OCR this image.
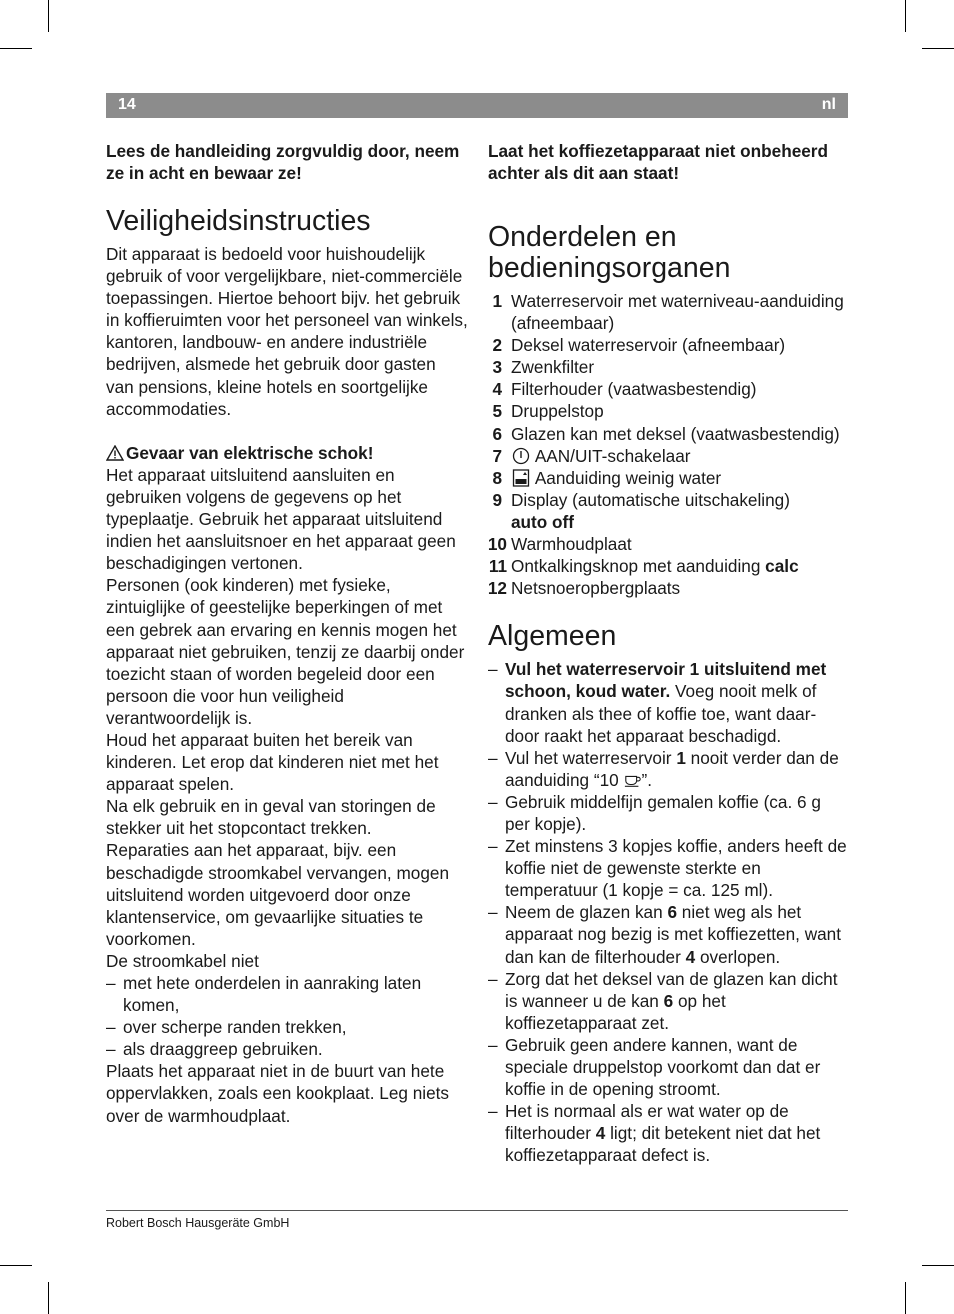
14	nl

Lees de handleiding zorgvuldig door, neem ze in acht en bewaar ze!

Veiligheidsinstructies

Dit apparaat is bedoeld voor huishoudelijk gebruik of voor vergelijkbare, niet-commerciële toepassingen. Hiertoe behoort bijv. het gebruik in koffieruimten voor het personeel van winkels, kantoren, landbouw- en andere industriële bedrijven, alsmede het gebruik door gasten van pensions, kleine hotels en soortgelijke accommodaties.

Gevaar van elektrische schok!

Het apparaat uitsluitend aansluiten en gebruiken volgens de gegevens op het typeplaatje. Gebruik het apparaat uitsluitend indien het aansluitsnoer en het apparaat geen beschadigingen vertonen.

Personen (ook kinderen) met fysieke, zintuiglijke of geestelijke beperkingen of met een gebrek aan ervaring en kennis mogen het apparaat niet gebruiken, tenzij ze daarbij onder toezicht staan of worden begeleid door een persoon die voor hun veiligheid verantwoordelijk is.

Houd het apparaat buiten het bereik van kinderen. Let erop dat kinderen niet met het apparaat spelen.

Na elk gebruik en in geval van storingen de stekker uit het stopcontact trekken.

Reparaties aan het apparaat, bijv. een beschadigde stroomkabel vervangen, mogen uitsluitend worden uitgevoerd door onze klantenservice, om gevaarlijke situaties te voorkomen.

De stroomkabel niet

– met hete onderdelen in aanraking laten komen,
– over scherpe randen trekken,
– als draaggreep gebruiken.

Plaats het apparaat niet in de buurt van hete oppervlakken, zoals een kookplaat. Leg niets over de warmhoudplaat.

Laat het koffiezetapparaat niet onbeheerd achter als dit aan staat!

Onderdelen en bedieningsorganen
1 Waterreservoir met waterniveau-aanduiding (afneembaar)
2 Deksel waterreservoir (afneembaar)
3 Zwenkfilter
4 Filterhouder (vaatwasbestendig)
5 Druppelstop
6 Glazen kan met deksel (vaatwasbestendig)
7 AAN/UIT-schakelaar
8 Aanduiding weinig water
9 Display (automatische uitschakeling)
auto off
10 Warmhoudplaat
11 Ontkalkingsknop met aanduiding calc
12 Netsnoeropbergplaats
Algemeen
– Vul het waterreservoir 1 uitsluitend met schoon, koud water. Voeg nooit melk of dranken als thee of koffie toe, want daar-door raakt het apparaat beschadigd.
– Vul het waterreservoir 1 nooit verder dan de aanduiding “10 ”.
– Gebruik middelfijn gemalen koffie (ca. 6 g per kopje).
– Zet minstens 3 kopjes koffie, anders heeft de koffie niet de gewenste sterkte en temperatuur (1 kopje = ca. 125 ml).
– Neem de glazen kan 6 niet weg als het apparaat nog bezig is met koffiezetten, want dan kan de filterhouder 4 overlopen.
– Zorg dat het deksel van de glazen kan dicht is wanneer u de kan 6 op het koffiezetapparaat zet.
– Gebruik geen andere kannen, want de speciale druppelstop voorkomt dan dat er koffie in de opening stroomt.
– Het is normaal als er wat water op de filterhouder 4 ligt; dit betekent niet dat het koffiezetapparaat defect is.
Robert Bosch Hausgeräte GmbH
